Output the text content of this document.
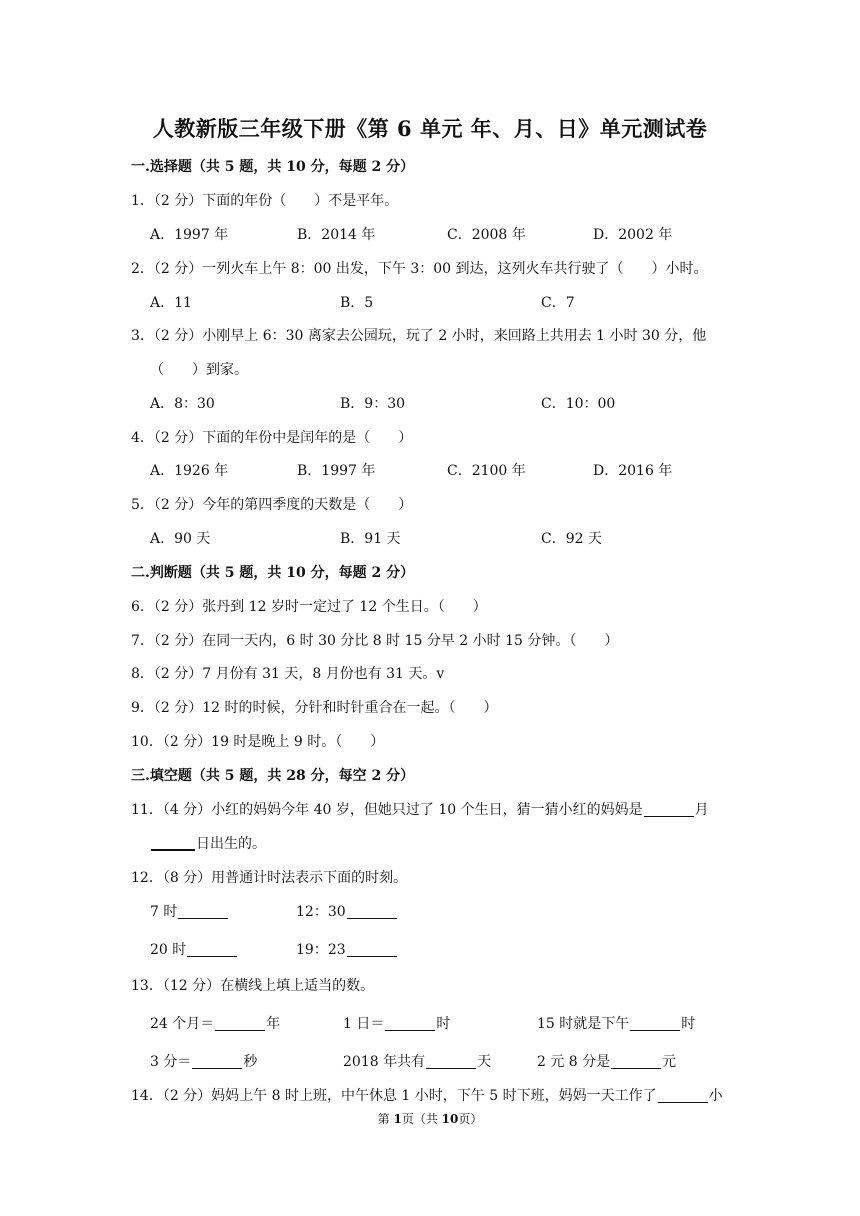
人教新版三年级下册《第 6 单元 年、月、日》单元测试卷
一.选择题（共 5 题，共 10 分，每题 2 分）
1．（2 分）下面的年份（　　）不是平年。
A．1997 年	B．2014 年	C．2008 年	D．2002 年
2．（2 分）一列火车上午 8：00 出发，下午 3：00 到达，这列火车共行驶了（　　）小时。
A．11	B．5	C．7
3．（2 分）小刚早上 6：30 离家去公园玩，玩了 2 小时，来回路上共用去 1 小时 30 分，他
（　　）到家。
A．8：30	B．9：30	C．10：00
4．（2 分）下面的年份中是闰年的是（　　）
A．1926 年	B．1997 年	C．2100 年	D．2016 年
5．（2 分）今年的第四季度的天数是（　　）
A．90 天	B．91 天	C．92 天
二.判断题（共 5 题，共 10 分，每题 2 分）
6．（2 分）张丹到 12 岁时一定过了 12 个生日。（　　）
7．（2 分）在同一天内，6 时 30 分比 8 时 15 分早 2 小时 15 分钟。（　　）
8．（2 分）7 月份有 31 天，8 月份也有 31 天。v
9．（2 分）12 时的时候，分针和时针重合在一起。（　　）
10．（2 分）19 时是晚上 9 时。（　　）
三.填空题（共 5 题，共 28 分，每空 2 分）
11．（4 分）小红的妈妈今年 40 岁，但她只过了 10 个生日，猜一猜小红的妈妈是	月
日出生的。
12．（8 分）用普通计时法表示下面的时刻。
7 时	12：30
20 时	19：23
13．（12 分）在横线上填上适当的数。
24 个月＝	年	1 日＝	时	15 时就是下午	时
3 分＝	秒	2018 年共有	天	2 元 8 分是	元
14．（2 分）妈妈上午 8 时上班，中午休息 1 小时，下午 5 时下班，妈妈一天工作了	小
第 1页（共 10页）
